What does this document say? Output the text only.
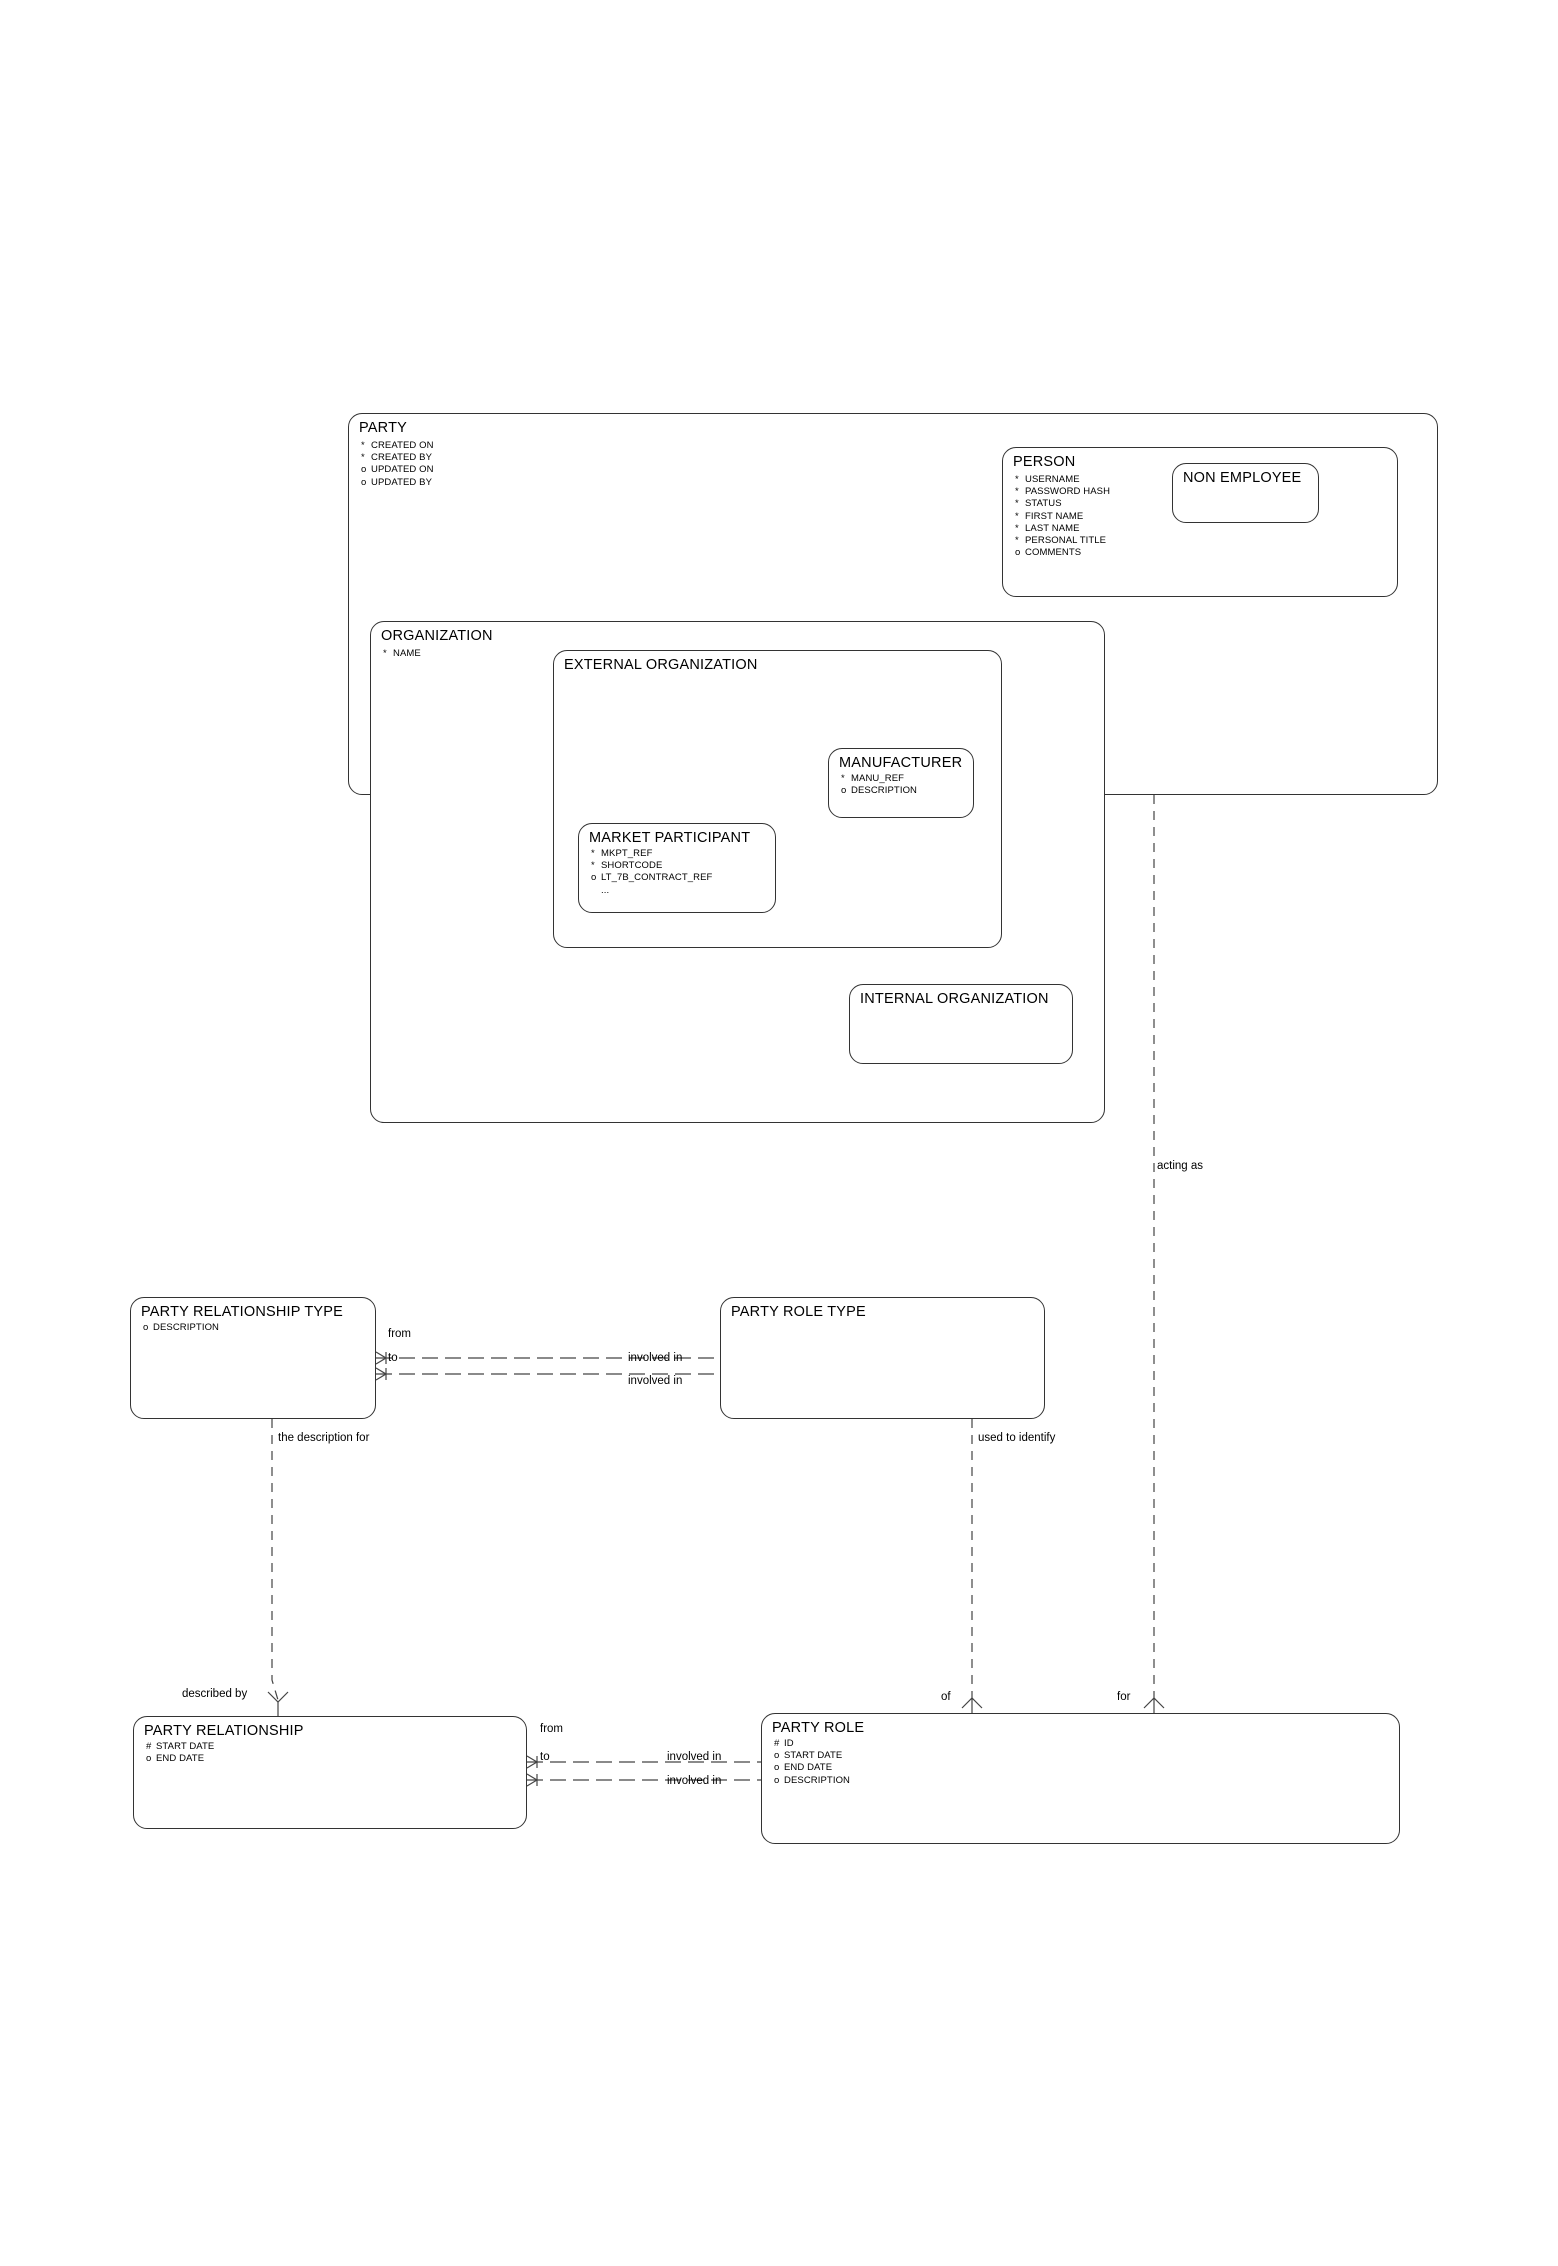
PARTY
* CREATED ON
* CREATED BY
o UPDATED ON
o UPDATED BY
PERSON
* USERNAME
* PASSWORD HASH
* STATUS
* FIRST NAME
* LAST NAME
* PERSONAL TITLE
o COMMENTS
NON EMPLOYEE
ORGANIZATION
* NAME
EXTERNAL ORGANIZATION
MANUFACTURER
* MANU_REF
o DESCRIPTION
MARKET PARTICIPANT
* MKPT_REF
* SHORTCODE
o LT_7B_CONTRACT_REF
...
INTERNAL ORGANIZATION
PARTY RELATIONSHIP TYPE
o DESCRIPTION
PARTY ROLE TYPE
PARTY RELATIONSHIP
# START DATE
o END DATE
PARTY ROLE
# ID
o START DATE
o END DATE
o DESCRIPTION
acting as
from
to	involved in
involved in
the description for	used to identify
described by
from
to	involved in
involved in
of	for
